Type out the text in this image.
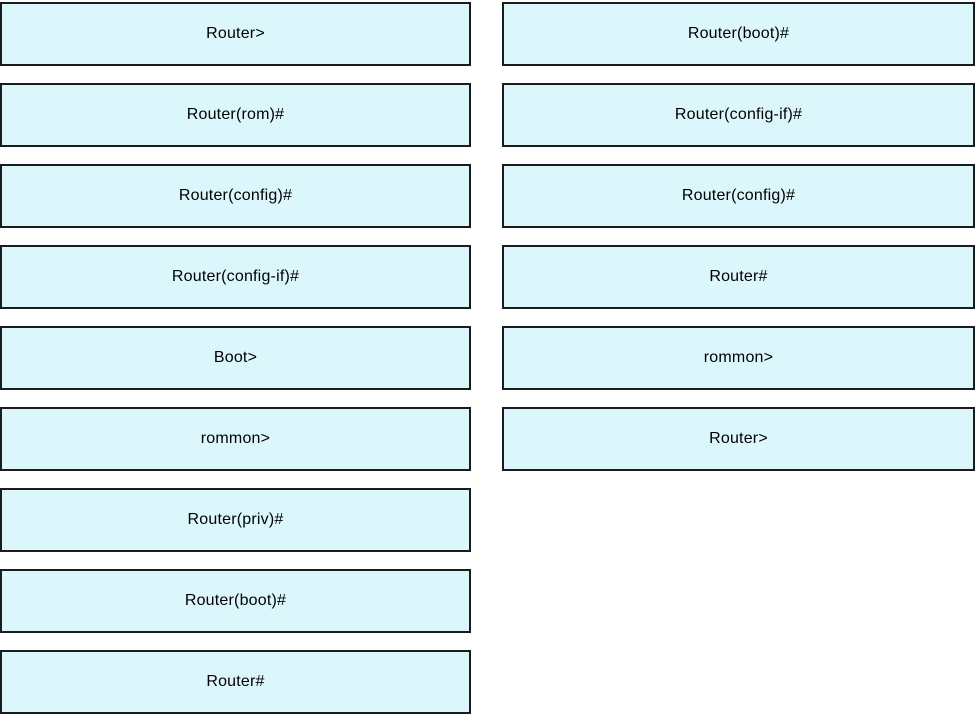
Router>
Router(rom)#
Router(config)#
Router(config-if)#
Boot>
rommon>
Router(priv)#
Router(boot)#
Router#
Router(boot)#
Router(config-if)#
Router(config)#
Router#
rommon>
Router>
